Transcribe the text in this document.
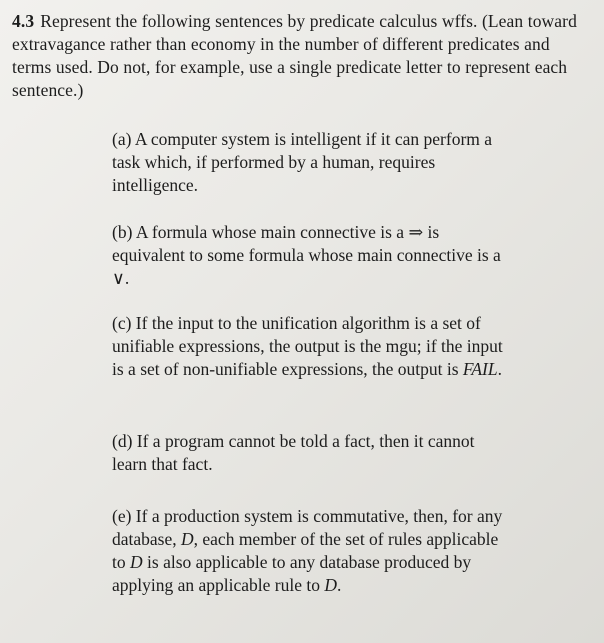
4.3 Represent the following sentences by predicate calculus wffs. (Lean toward extravagance rather than economy in the number of different predicates and terms used. Do not, for example, use a single predicate letter to represent each sentence.)
(a) A computer system is intelligent if it can perform a task which, if performed by a human, requires intelligence.
(b) A formula whose main connective is a ⇒ is equivalent to some formula whose main connective is a ∨.
(c) If the input to the unification algorithm is a set of unifiable expressions, the output is the mgu; if the input is a set of non-unifiable expressions, the output is FAIL.
(d) If a program cannot be told a fact, then it cannot learn that fact.
(e) If a production system is commutative, then, for any database, D, each member of the set of rules applicable to D is also applicable to any database produced by applying an applicable rule to D.
